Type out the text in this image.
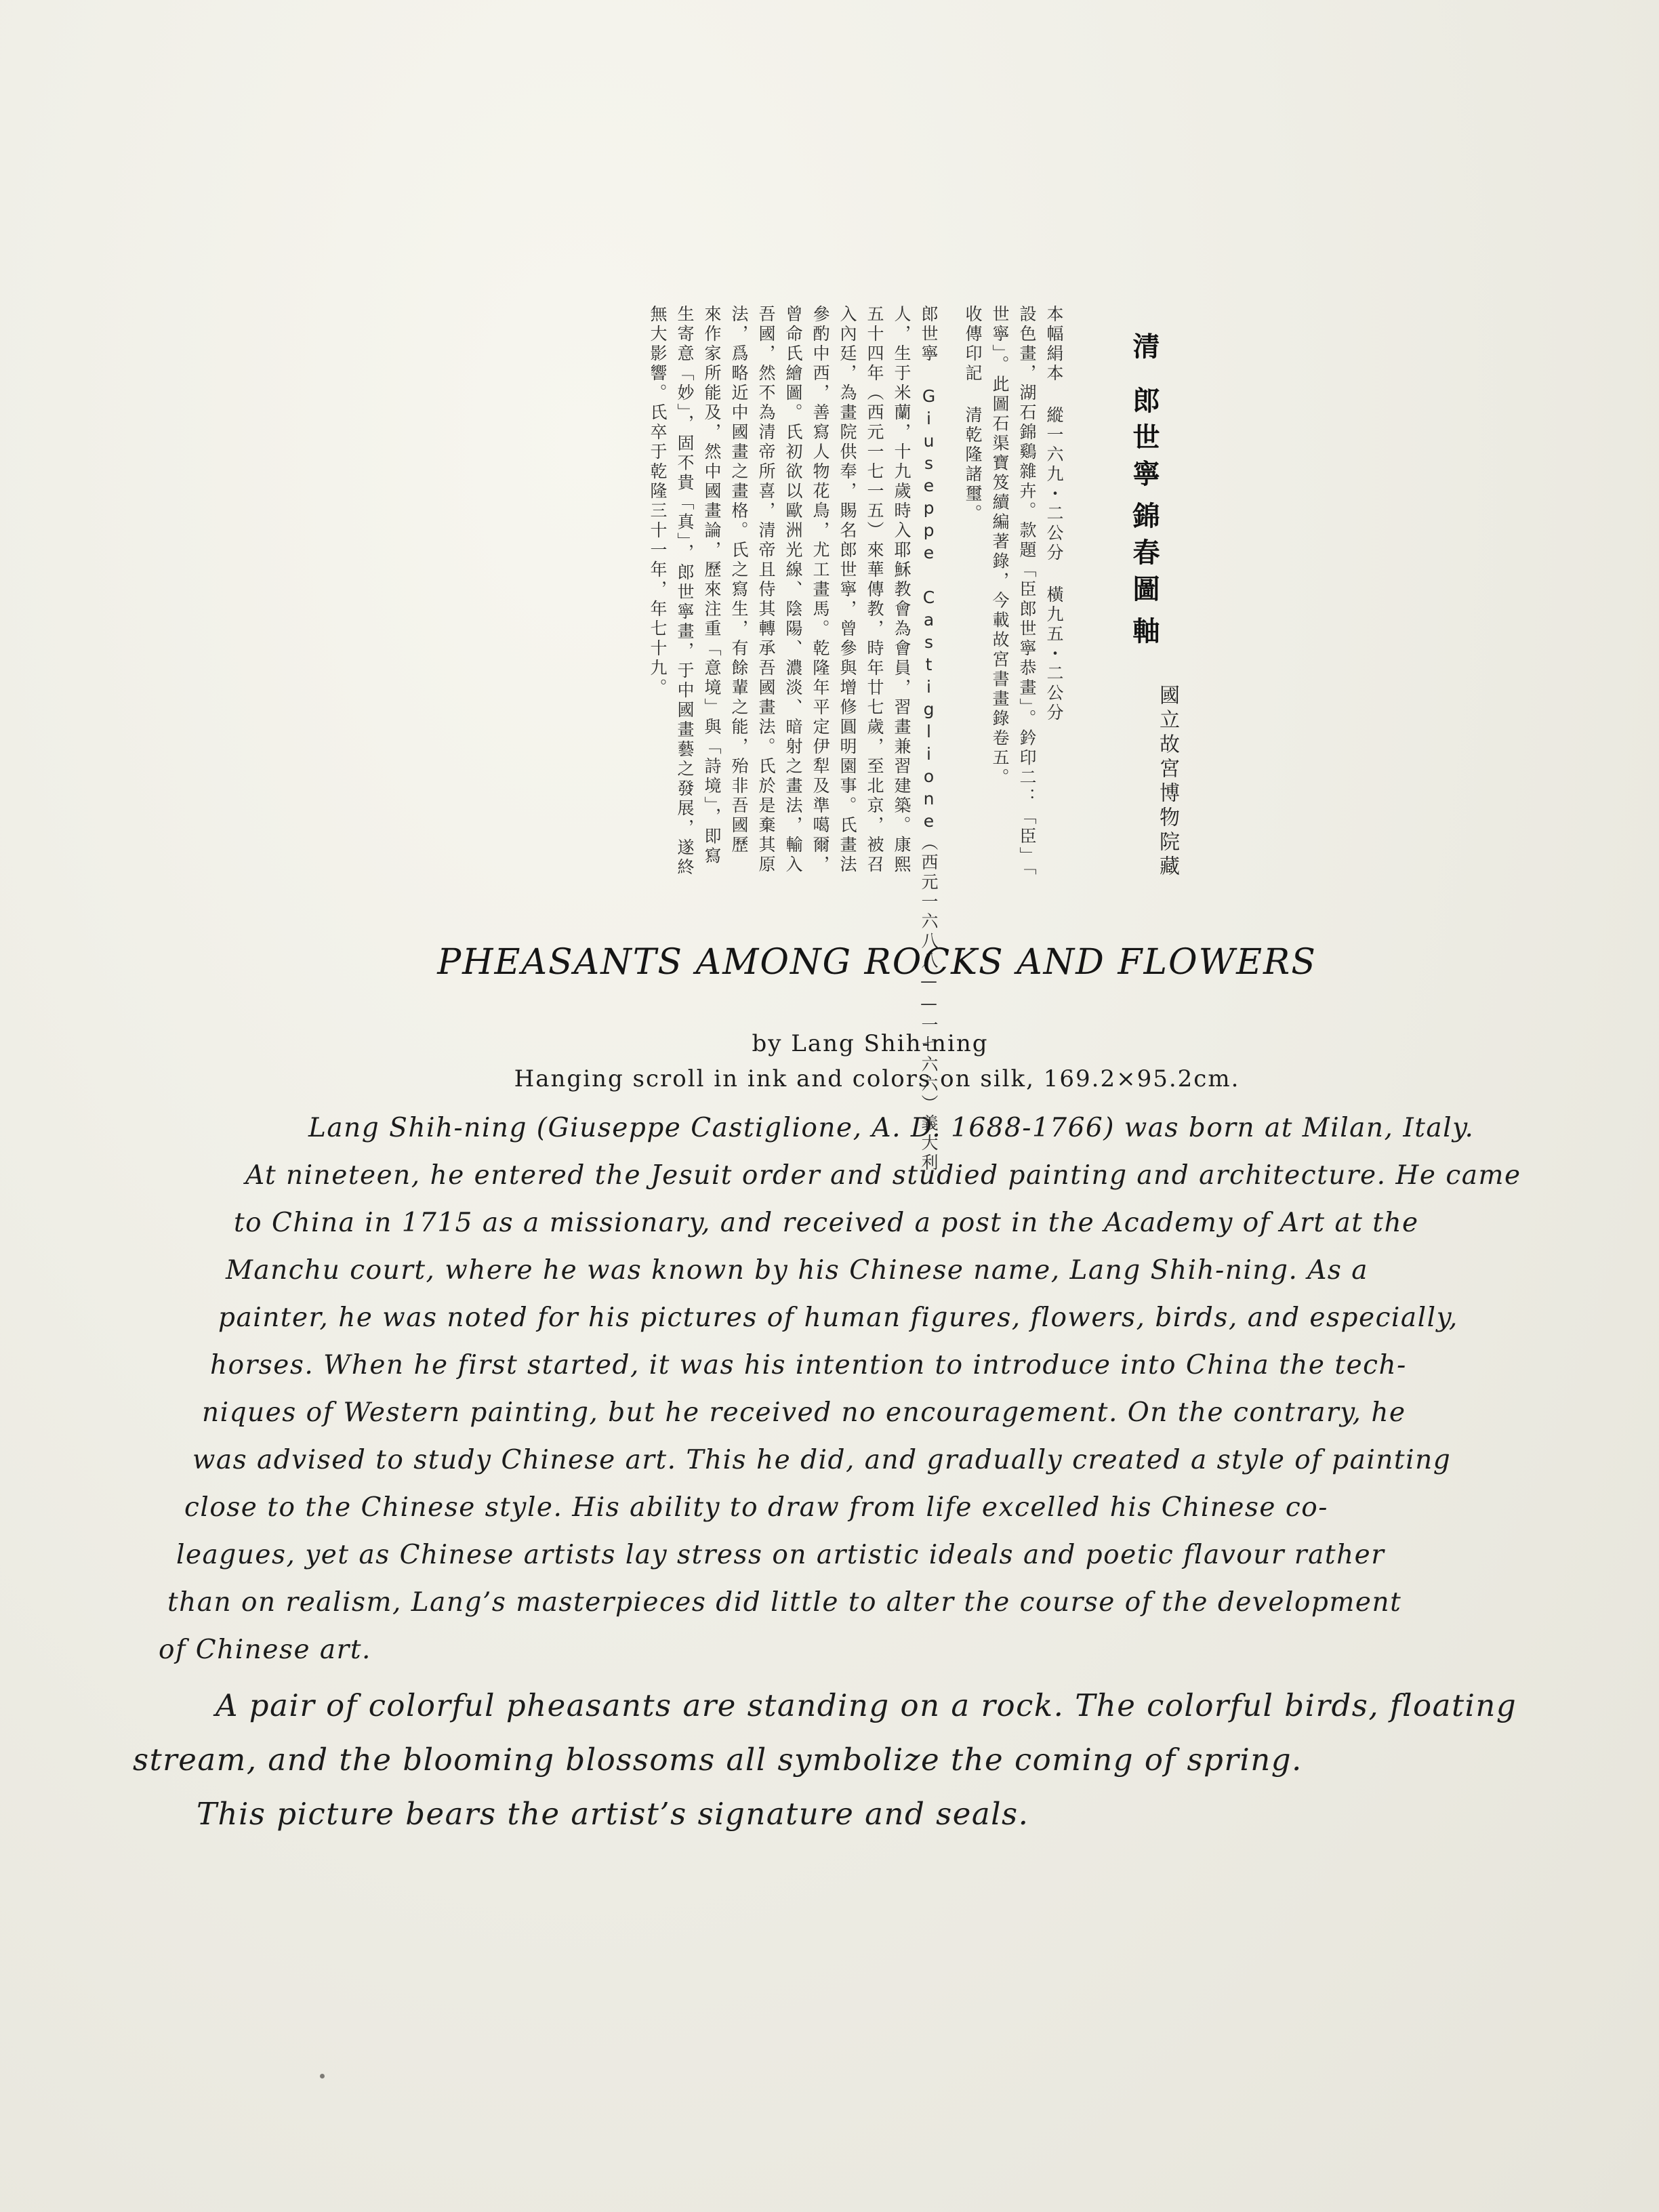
清
郎世寧
錦春圖
軸
國立故宮博物院藏
本幅絹本 縱一六九・二公分 橫九五・二公分
設色畫，湖石錦鷄雜卉。款題「臣郎世寧恭畫」。鈐印二：「臣」「
世寧」。此圖石渠寶笈續編著錄，今載故宮書畫錄卷五。
收傳印記 清乾隆諸璽。
郎世寧 Giuseppe Castiglione（西元一六八八——一七六六）義大利
人，生于米蘭，十九歲時入耶穌教會為會員，習畫兼習建築。康熙
五十四年（西元一七一五）來華傳教，時年廿七歲，至北京，被召
入內廷，為畫院供奉，賜名郎世寧，曾參與增修圓明園事。氏畫法
參酌中西，善寫人物花鳥，尤工畫馬。乾隆年平定伊犁及準噶爾，
曾命氏繪圖。氏初欲以歐洲光線、陰陽、濃淡、暗射之畫法，輸入
吾國，然不為清帝所喜，清帝且侍其轉承吾國畫法。氏於是棄其原
法，爲略近中國畫之畫格。氏之寫生，有餘輩之能，殆非吾國歷
來作家所能及，然中國畫論，歷來注重「意境」與「詩境」，即寫
生寄意「妙」，固不貴「真」，郎世寧畫，于中國畫藝之發展，遂終
無大影響。氏卒于乾隆三十一年，年七十九。
PHEASANTS AMONG ROCKS AND FLOWERS
by Lang Shih-ning
Hanging scroll in ink and colors on silk, 169.2×95.2cm.
Lang Shih-ning (Giuseppe Castiglione, A. D. 1688-1766) was born at Milan, Italy.
At nineteen, he entered the Jesuit order and studied painting and architecture. He came
to China in 1715 as a missionary, and received a post in the Academy of Art at the
Manchu court, where he was known by his Chinese name, Lang Shih-ning. As a
painter, he was noted for his pictures of human figures, flowers, birds, and especially,
horses. When he first started, it was his intention to introduce into China the tech-
niques of Western painting, but he received no encouragement. On the contrary, he
was advised to study Chinese art. This he did, and gradually created a style of painting
close to the Chinese style. His ability to draw from life excelled his Chinese co-
leagues, yet as Chinese artists lay stress on artistic ideals and poetic flavour rather
than on realism, Lang’s masterpieces did little to alter the course of the development
of Chinese art.
A pair of colorful pheasants are standing on a rock. The colorful birds, floating
stream, and the blooming blossoms all symbolize the coming of spring.
This picture bears the artist’s signature and seals.
